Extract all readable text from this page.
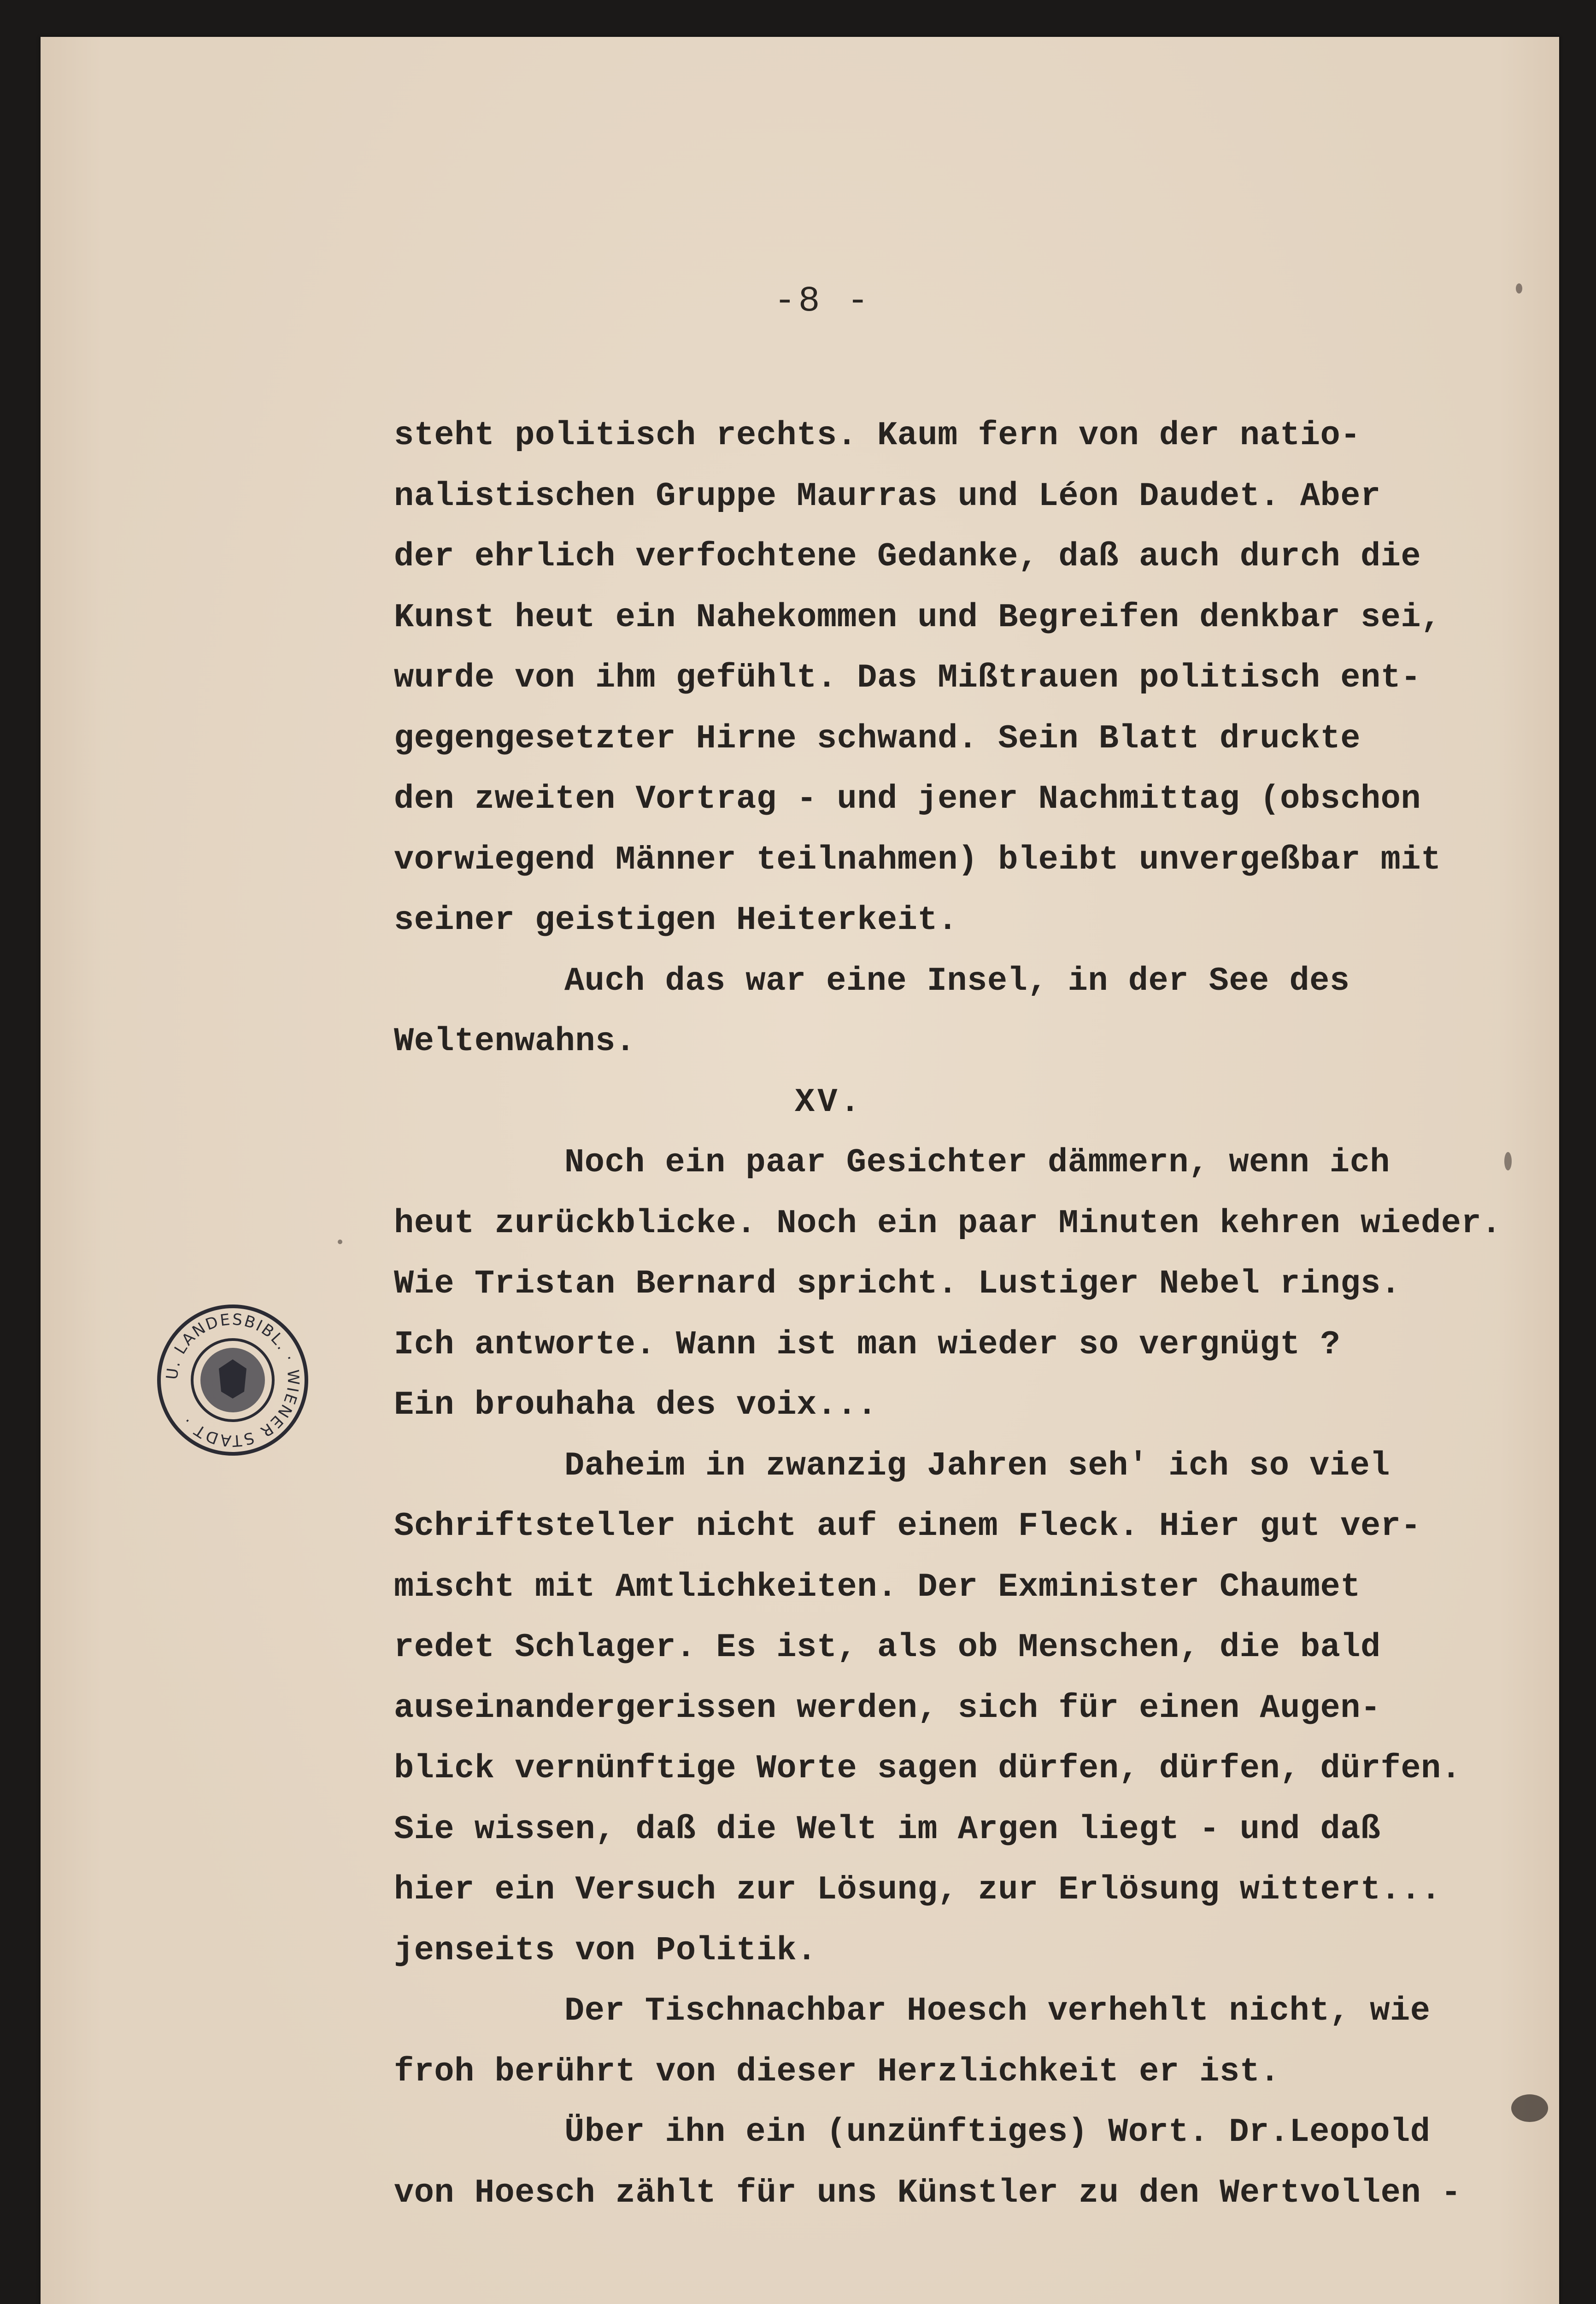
-8 -
steht politisch rechts. Kaum fern von der natio-
nalistischen Gruppe Maurras und Léon Daudet. Aber
der ehrlich verfochtene Gedanke, daß auch durch die
Kunst heut ein Nahekommen und Begreifen denkbar sei,
wurde von ihm gefühlt. Das Mißtrauen politisch ent-
gegengesetzter Hirne schwand. Sein Blatt druckte
den zweiten Vortrag - und jener Nachmittag (obschon
vorwiegend Männer teilnahmen) bleibt unvergeßbar mit
seiner geistigen Heiterkeit.
Auch das war eine Insel, in der See des
Weltenwahns.
XV.
Noch ein paar Gesichter dämmern, wenn ich
heut zurückblicke. Noch ein paar Minuten kehren wieder.
Wie Tristan Bernard spricht. Lustiger Nebel rings.
Ich antworte. Wann ist man wieder so vergnügt ?
Ein brouhaha des voix...
Daheim in zwanzig Jahren seh' ich so viel
Schriftsteller nicht auf einem Fleck. Hier gut ver-
mischt mit Amtlichkeiten. Der Exminister Chaumet
redet Schlager. Es ist, als ob Menschen, die bald
auseinandergerissen werden, sich für einen Augen-
blick vernünftige Worte sagen dürfen, dürfen, dürfen.
Sie wissen, daß die Welt im Argen liegt - und daß
hier ein Versuch zur Lösung, zur Erlösung wittert...
jenseits von Politik.
Der Tischnachbar Hoesch verhehlt nicht, wie
froh berührt von dieser Herzlichkeit er ist.
Über ihn ein (unzünftiges) Wort. Dr.Leopold
von Hoesch zählt für uns Künstler zu den Wertvollen -
U. LANDESBIBL. · WIENER STADT ·
